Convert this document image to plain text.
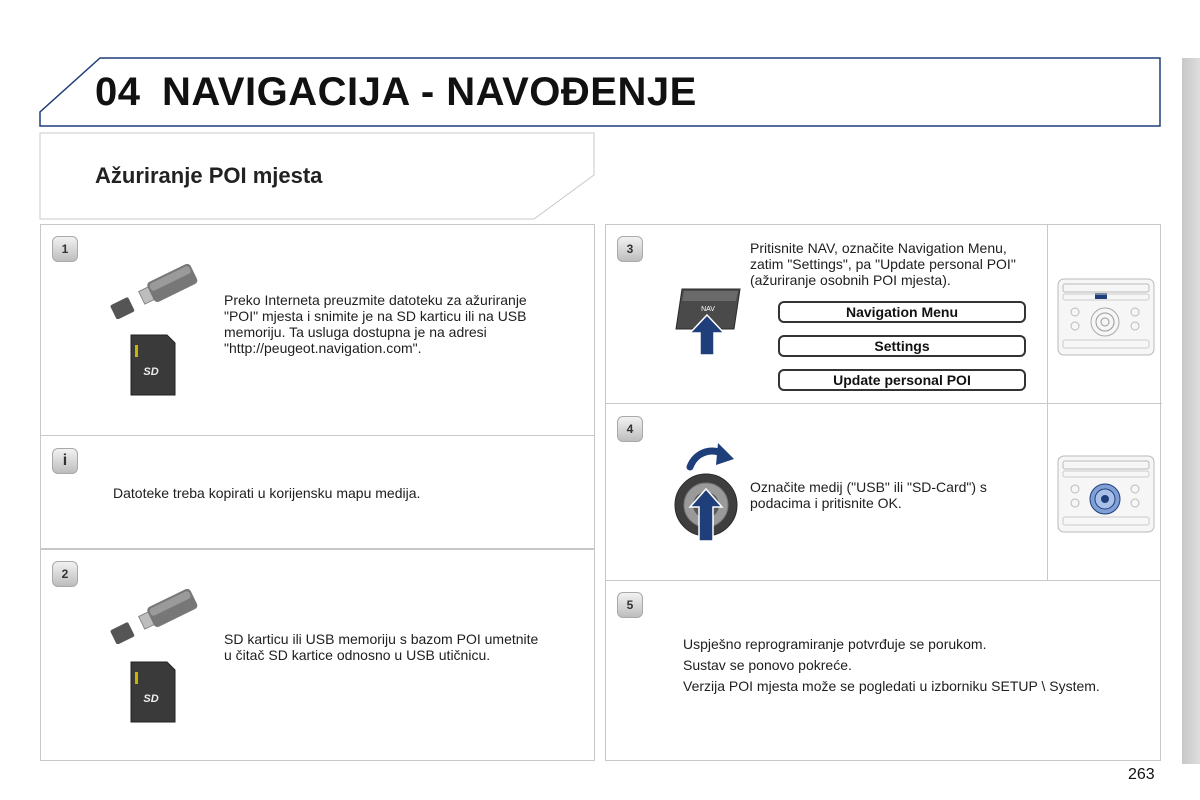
04 NAVIGACIJA - NAVOĐENJE
Ažuriranje POI mjesta
1
SD
Preko Interneta preuzmite datoteku za ažuriranje "POI" mjesta i snimite je na SD karticu ili na USB memoriju. Ta usluga dostupna je na adresi "http://peugeot.navigation.com".
i
Datoteke treba kopirati u korijensku mapu medija.
2
SD
SD karticu ili USB memoriju s bazom POI umetnite u čitač SD kartice odnosno u USB utičnicu.
3
NAV
Pritisnite NAV, označite Navigation Menu, zatim "Settings", pa "Update personal POI" (ažuriranje osobnih POI mjesta).
Navigation Menu
Settings
Update personal POI
4
Označite medij ("USB" ili "SD-Card") s podacima i pritisnite OK.
5
Uspješno reprogramiranje potvrđuje se porukom.
Sustav se ponovo pokreće.
Verzija POI mjesta može se pogledati u izborniku SETUP \ System.
263
